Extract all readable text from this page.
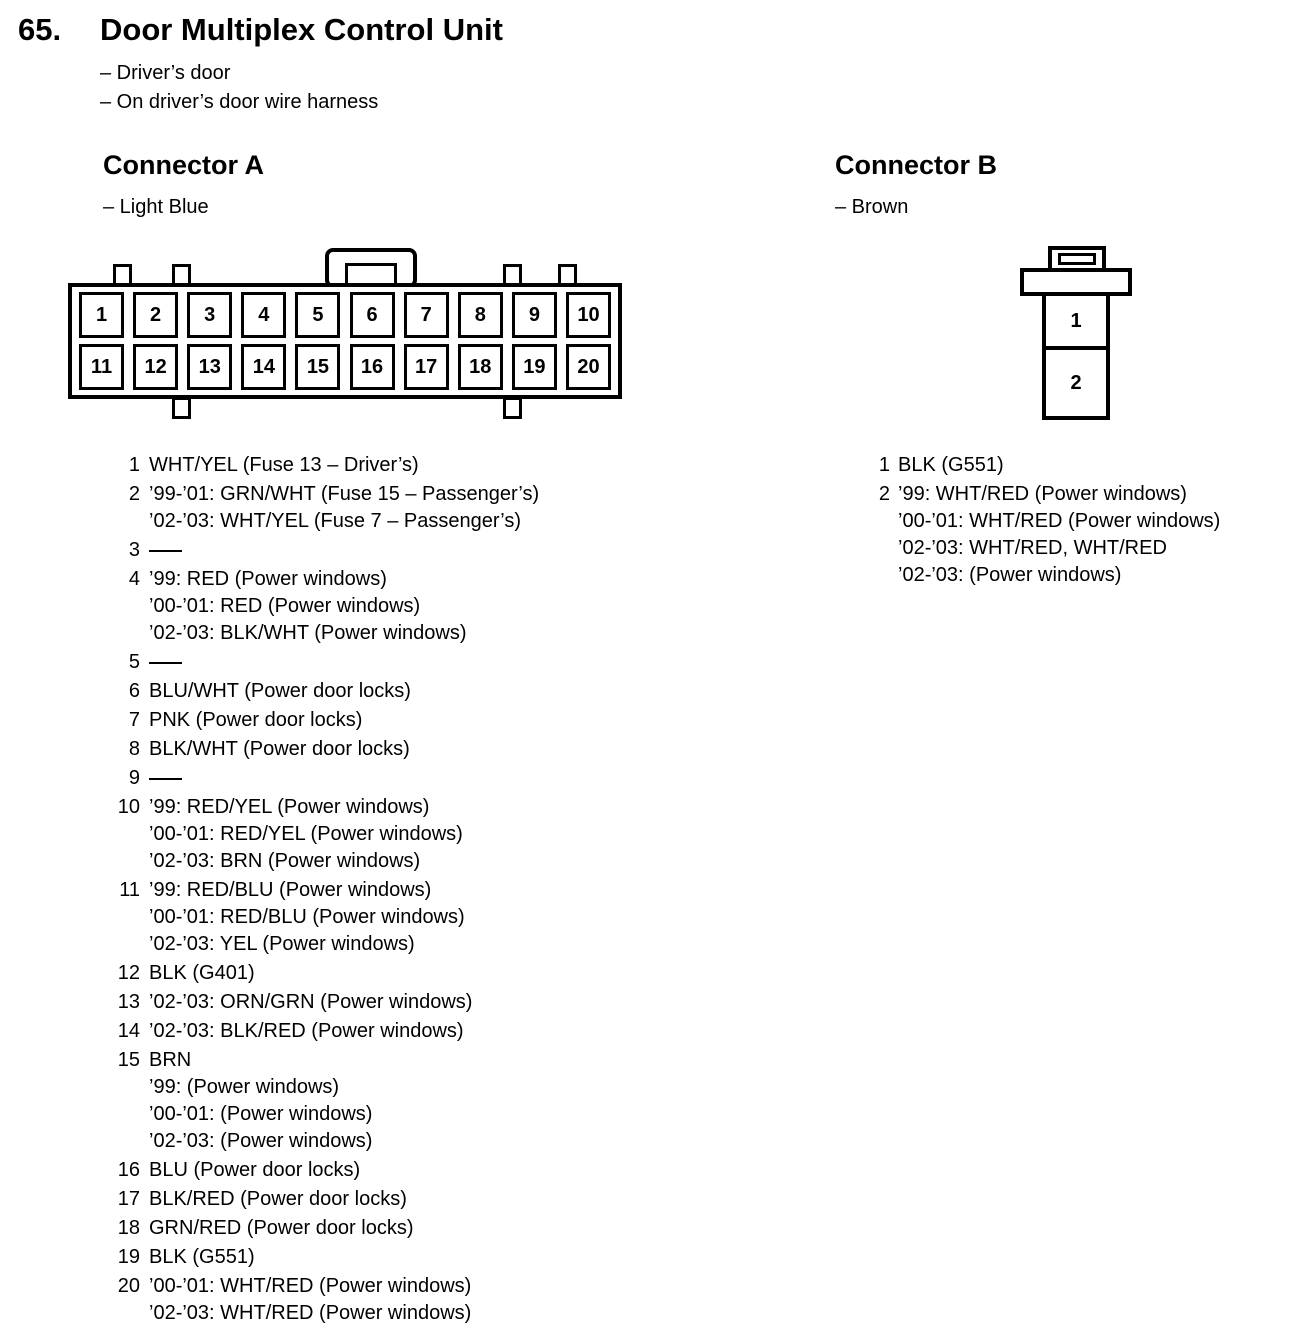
65. Door Multiplex Control Unit
– Driver’s door
– On driver’s door wire harness
Connector A
– Light Blue
Connector B
– Brown
1	2	3	4	5	6	7	8	9	10
11	12	13	14	15	16	17	18	19	20
1
2
1 WHT/YEL (Fuse 13 – Driver’s)
2 ’99-’01: GRN/WHT (Fuse 15 – Passenger’s)
’02-’03: WHT/YEL (Fuse 7 – Passenger’s)
3
4 ’99: RED (Power windows)
’00-’01: RED (Power windows)
’02-’03: BLK/WHT (Power windows)
5
6 BLU/WHT (Power door locks)
7 PNK (Power door locks)
8 BLK/WHT (Power door locks)
9
10 ’99: RED/YEL (Power windows)
’00-’01: RED/YEL (Power windows)
’02-’03: BRN (Power windows)
11 ’99: RED/BLU (Power windows)
’00-’01: RED/BLU (Power windows)
’02-’03: YEL (Power windows)
12 BLK (G401)
13 ’02-’03: ORN/GRN (Power windows)
14 ’02-’03: BLK/RED (Power windows)
15 BRN
’99: (Power windows)
’00-’01: (Power windows)
’02-’03: (Power windows)
16 BLU (Power door locks)
17 BLK/RED (Power door locks)
18 GRN/RED (Power door locks)
19 BLK (G551)
20 ’00-’01: WHT/RED (Power windows)
’02-’03: WHT/RED (Power windows)
1 BLK (G551)
2 ’99: WHT/RED (Power windows)
’00-’01: WHT/RED (Power windows)
’02-’03: WHT/RED, WHT/RED
’02-’03: (Power windows)
